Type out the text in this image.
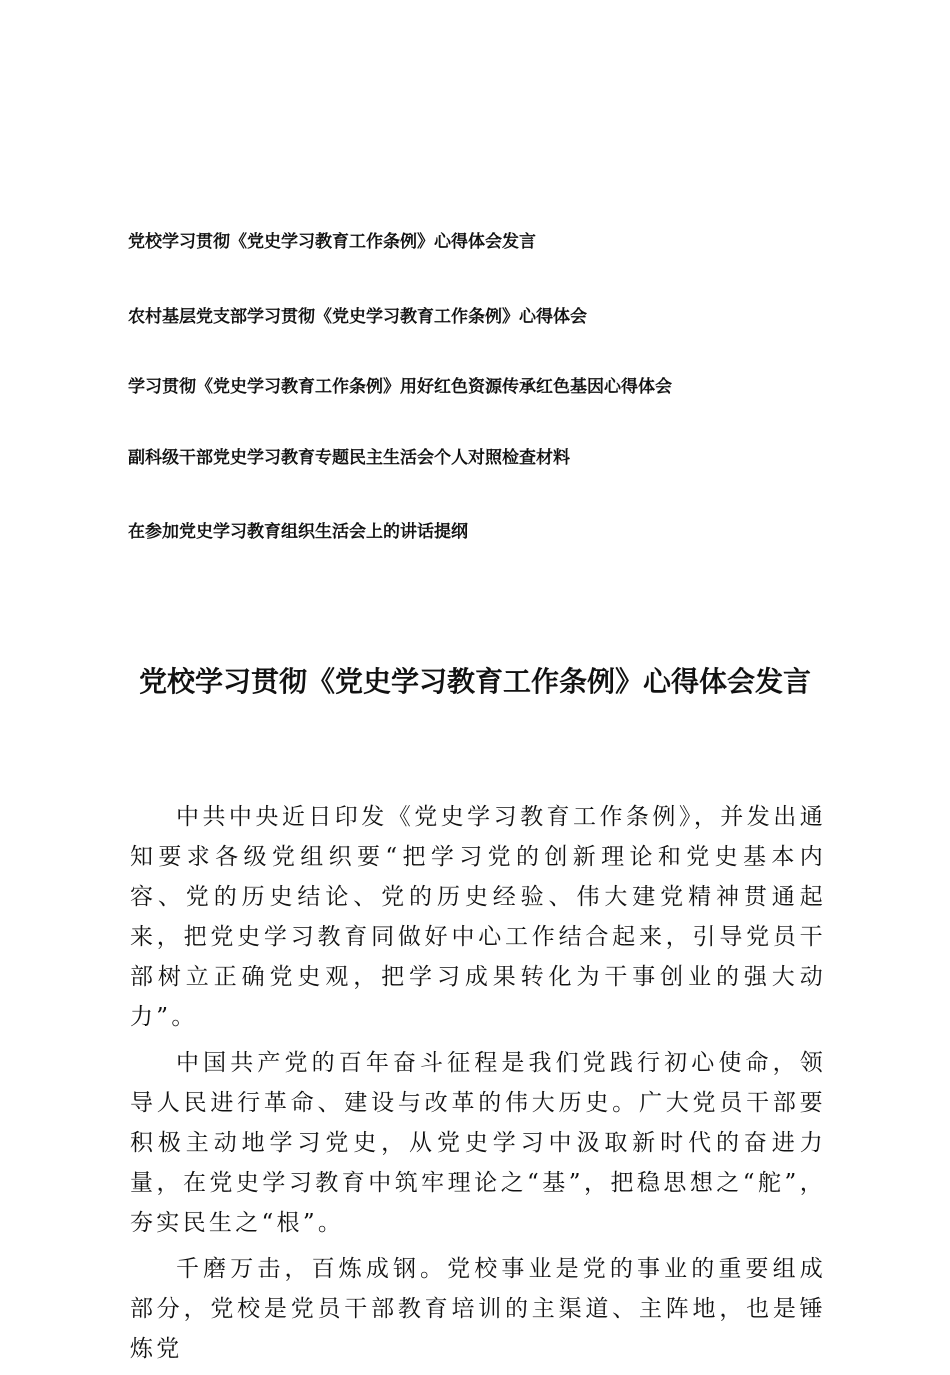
党校学习贯彻《党史学习教育工作条例》心得体会发言
农村基层党支部学习贯彻《党史学习教育工作条例》心得体会
学习贯彻《党史学习教育工作条例》用好红色资源传承红色基因心得体会
副科级干部党史学习教育专题民主生活会个人对照检查材料
在参加党史学习教育组织生活会上的讲话提纲
党校学习贯彻《党史学习教育工作条例》心得体会发言

中共中央近日印发《党史学习教育工作条例》，并发出通知要求各级党组织要“把学习党的创新理论和党史基本内容、党的历史结论、党的历史经验、伟大建党精神贯通起来，把党史学习教育同做好中心工作结合起来，引导党员干部树立正确党史观，把学习成果转化为干事创业的强大动力”。

中国共产党的百年奋斗征程是我们党践行初心使命，领导人民进行革命、建设与改革的伟大历史。广大党员干部要积极主动地学习党史，从党史学习中汲取新时代的奋进力量，在党史学习教育中筑牢理论之“基”，把稳思想之“舵”，夯实民生之“根”。

千磨万击，百炼成钢。党校事业是党的事业的重要组成部分，党校是党员干部教育培训的主渠道、主阵地，也是锤炼党
